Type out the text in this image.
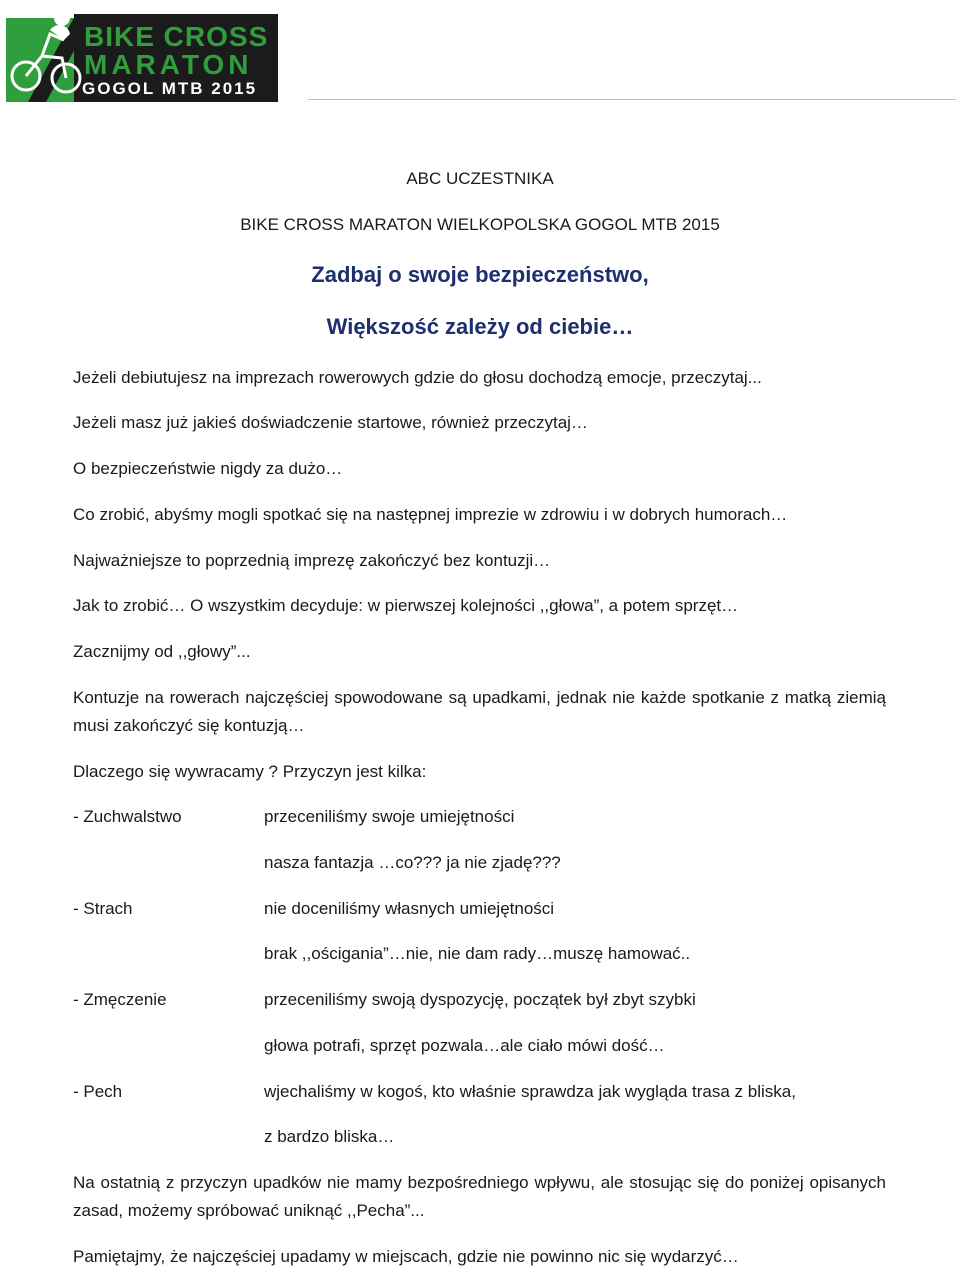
BIKE CROSS
MARATON
GOGOL MTB 2015
ABC UCZESTNIKA
BIKE CROSS MARATON WIELKOPOLSKA GOGOL MTB 2015
Zadbaj o swoje bezpieczeństwo,
Większość zależy od ciebie…
Jeżeli debiutujesz na imprezach rowerowych gdzie do głosu dochodzą emocje, przeczytaj...
Jeżeli masz już jakieś doświadczenie startowe, również przeczytaj…
O bezpieczeństwie nigdy za dużo…
Co zrobić, abyśmy mogli spotkać się na następnej imprezie w zdrowiu i w dobrych humorach…
Najważniejsze to poprzednią imprezę zakończyć bez kontuzji…
Jak to zrobić… O wszystkim decyduje: w pierwszej kolejności ,,głowa”, a potem sprzęt…
Zacznijmy od ,,głowy”...
Kontuzje na rowerach najczęściej spowodowane są upadkami, jednak nie każde spotkanie z matką ziemią musi zakończyć się kontuzją…
Dlaczego się wywracamy ? Przyczyn jest kilka:
- Zuchwalstwo	przeceniliśmy swoje umiejętności
nasza fantazja …co??? ja nie zjadę???
- Strach	nie doceniliśmy własnych umiejętności
brak ,,ościgania”…nie, nie dam rady…muszę hamować..
- Zmęczenie	przeceniliśmy swoją dyspozycję, początek był zbyt szybki
głowa potrafi, sprzęt pozwala…ale ciało mówi dość…
- Pech	wjechaliśmy w kogoś, kto właśnie sprawdza jak wygląda trasa z bliska,
z bardzo bliska…
Na ostatnią z przyczyn upadków nie mamy bezpośredniego wpływu, ale stosując się do poniżej opisanych zasad, możemy spróbować uniknąć ,,Pecha”...
Pamiętajmy, że najczęściej upadamy w miejscach, gdzie nie powinno nic się wydarzyć…
